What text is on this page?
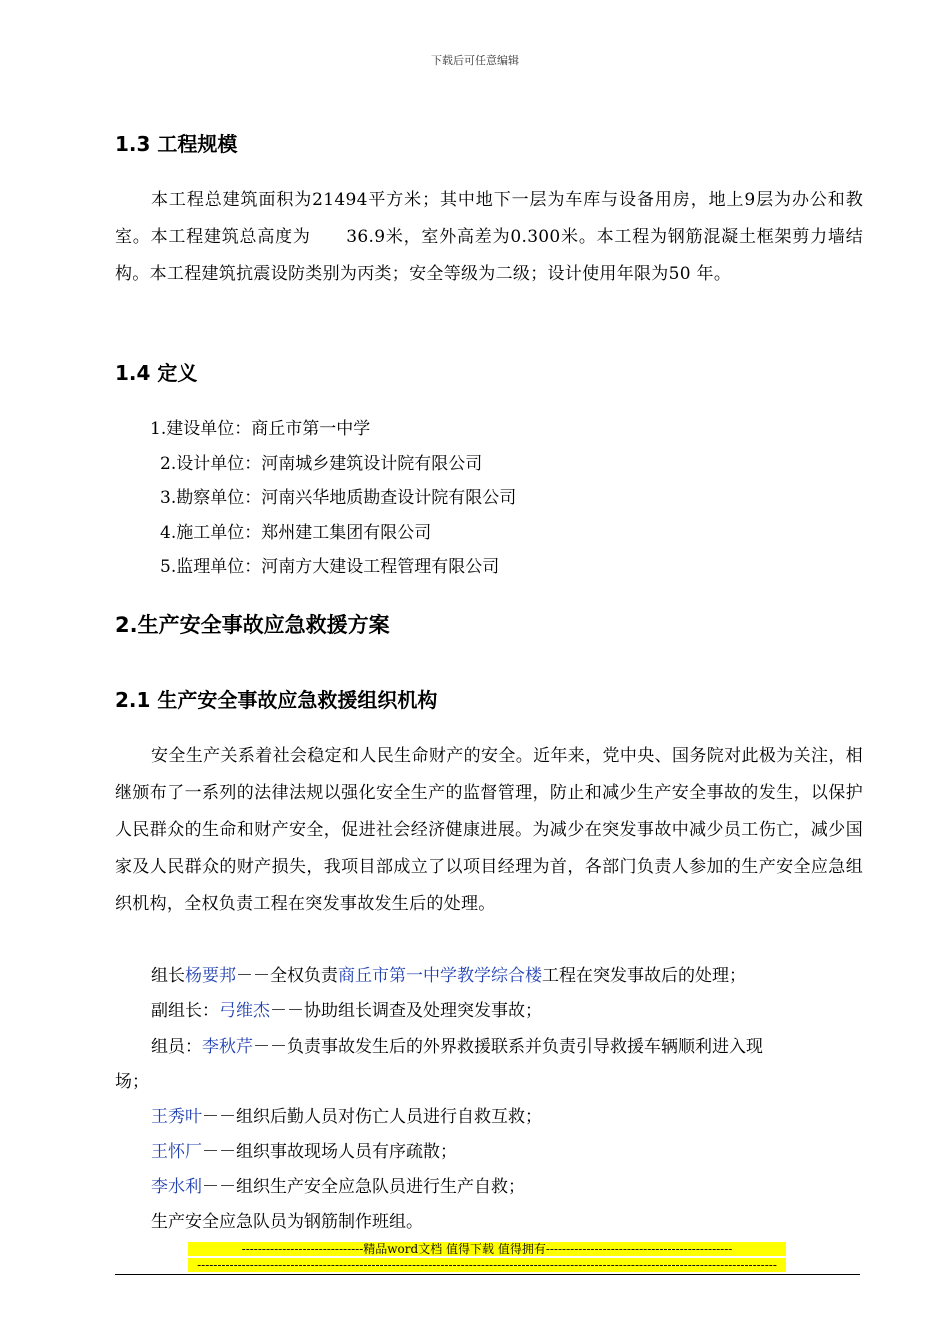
下载后可任意编辑
1.3 工程规模
本工程总建筑面积为21494平方米；其中地下一层为车库与设备用房，地上9层为办公和教室。本工程建筑总高度为　　36.9米，室外高差为0.300米。本工程为钢筋混凝土框架剪力墙结构。本工程建筑抗震设防类别为丙类；安全等级为二级；设计使用年限为50 年。
1.4 定义
1.建设单位：商丘市第一中学
2.设计单位：河南城乡建筑设计院有限公司
3.勘察单位：河南兴华地质勘查设计院有限公司
4.施工单位：郑州建工集团有限公司
5.监理单位：河南方大建设工程管理有限公司
2.生产安全事故应急救援方案
2.1 生产安全事故应急救援组织机构
安全生产关系着社会稳定和人民生命财产的安全。近年来，党中央、国务院对此极为关注，相继颁布了一系列的法律法规以强化安全生产的监督管理，防止和减少生产安全事故的发生，以保护人民群众的生命和财产安全，促进社会经济健康进展。为减少在突发事故中减少员工伤亡，减少国家及人民群众的财产损失，我项目部成立了以项目经理为首，各部门负责人参加的生产安全应急组织机构，全权负责工程在突发事故发生后的处理。
组长杨要邦－－全权负责商丘市第一中学教学综合楼工程在突发事故后的处理；
副组长：弓维杰－－协助组长调查及处理突发事故；
组员：李秋芹－－负责事故发生后的外界救援联系并负责引导救援车辆顺利进入现
场；
王秀叶－－组织后勤人员对伤亡人员进行自救互救；
王怀厂－－组织事故现场人员有序疏散；
李水利－－组织生产安全应急队员进行生产自救；
生产安全应急队员为钢筋制作班组。
------------------------------精品word文档 值得下载 值得拥有----------------------------------------------
-----------------------------------------------------------------------------------------------------------------------------------------------
